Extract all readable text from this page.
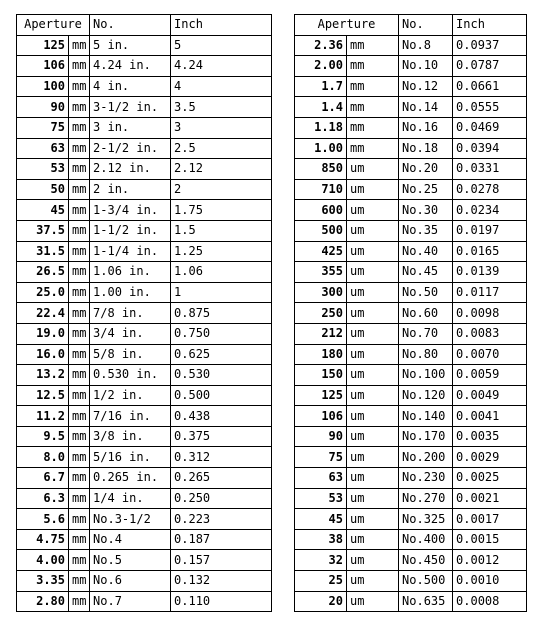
Aperture		No.	Inch
125	mm	5 in.	5
106	mm	4.24 in.	4.24
100	mm	4 in.	4
90	mm	3-1/2 in.	3.5
75	mm	3 in.	3
63	mm	2-1/2 in.	2.5
53	mm	2.12 in.	2.12
50	mm	2 in.	2
45	mm	1-3/4 in.	1.75
37.5	mm	1-1/2 in.	1.5
31.5	mm	1-1/4 in.	1.25
26.5	mm	1.06 in.	1.06
25.0	mm	1.00 in.	1
22.4	mm	7/8 in.	0.875
19.0	mm	3/4 in.	0.750
16.0	mm	5/8 in.	0.625
13.2	mm	0.530 in.	0.530
12.5	mm	1/2 in.	0.500
11.2	mm	7/16 in.	0.438
9.5	mm	3/8 in.	0.375
8.0	mm	5/16 in.	0.312
6.7	mm	0.265 in.	0.265
6.3	mm	1/4 in.	0.250
5.6	mm	No.3-1/2	0.223
4.75	mm	No.4	0.187
4.00	mm	No.5	0.157
3.35	mm	No.6	0.132
2.80	mm	No.7	0.110
Aperture		No.	Inch
2.36	mm	No.8	0.0937
2.00	mm	No.10	0.0787
1.7	mm	No.12	0.0661
1.4	mm	No.14	0.0555
1.18	mm	No.16	0.0469
1.00	mm	No.18	0.0394
850	um	No.20	0.0331
710	um	No.25	0.0278
600	um	No.30	0.0234
500	um	No.35	0.0197
425	um	No.40	0.0165
355	um	No.45	0.0139
300	um	No.50	0.0117
250	um	No.60	0.0098
212	um	No.70	0.0083
180	um	No.80	0.0070
150	um	No.100	0.0059
125	um	No.120	0.0049
106	um	No.140	0.0041
90	um	No.170	0.0035
75	um	No.200	0.0029
63	um	No.230	0.0025
53	um	No.270	0.0021
45	um	No.325	0.0017
38	um	No.400	0.0015
32	um	No.450	0.0012
25	um	No.500	0.0010
20	um	No.635	0.0008
